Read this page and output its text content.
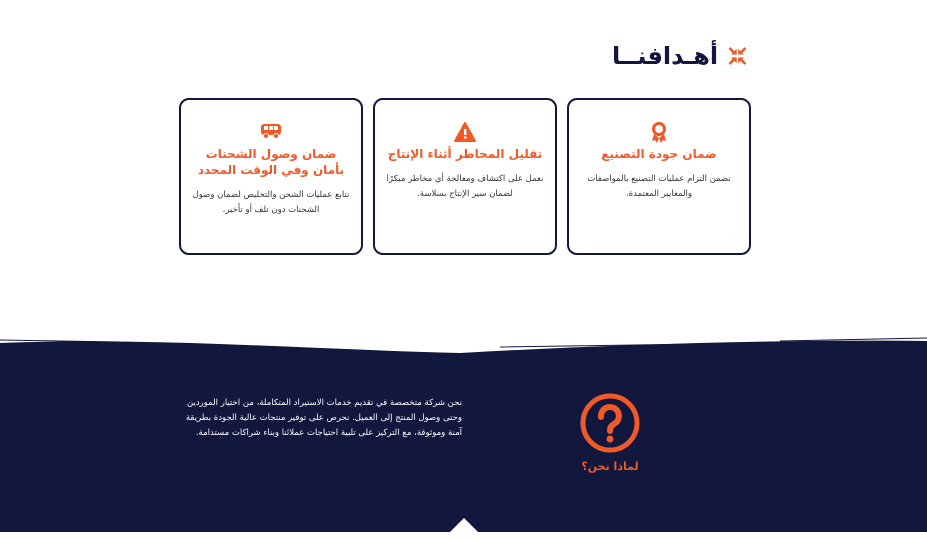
أهـدافنــا
ضمان جودة التصنيع

نضمن التزام عمليات التصنيع بالمواصفات والمعايير المعتمدة.

تقليل المخاطر أثناء الإنتاج

نعمل على اكتشاف ومعالجة أي مخاطر مبكرًا لضمان سير الإنتاج بسلاسة.

ضمان وصول الشحنات بأمان وفي الوقت المحدد

نتابع عمليات الشحن والتخليص لضمان وصول الشحنات دون تلف أو تأخير.

نحن شركة متخصصة في تقديم خدمات الاستيراد المتكاملة، من اختيار الموردين وحتى وصول المنتج إلى العميل. نحرص على توفير منتجات عالية الجودة بطريقة آمنة وموثوقة، مع التركيز على تلبية احتياجات عملائنا وبناء شراكات مستدامة.
لماذا نحن؟
